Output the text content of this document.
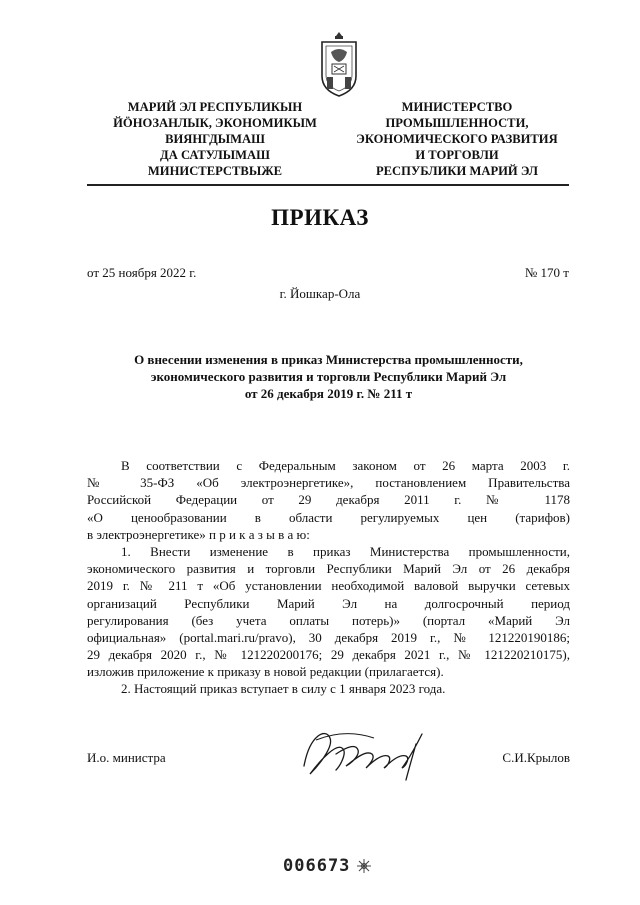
МАРИЙ ЭЛ РЕСПУБЛИКЫН
ЙӦНОЗАНЛЫК, ЭКОНОМИКЫМ
ВИЯНГДЫМАШ
ДА САТУЛЫМАШ
МИНИСТЕРСТВЫЖЕ
МИНИСТЕРСТВО
ПРОМЫШЛЕННОСТИ,
ЭКОНОМИЧЕСКОГО РАЗВИТИЯ
И ТОРГОВЛИ
РЕСПУБЛИКИ МАРИЙ ЭЛ
ПРИКАЗ
от 25 ноября 2022 г.	№ 170 т
г. Йошкар-Ола
О внесении изменения в приказ Министерства промышленности,
экономического развития и торговли Республики Марий Эл
от 26 декабря 2019 г. № 211 т
В соответствии с Федеральным законом от 26 марта 2003 г.
№ 35-ФЗ «Об электроэнергетике», постановлением Правительства
Российской Федерации от 29 декабря 2011 г. № 1178
«О ценообразовании в области регулируемых цен (тарифов)
в электроэнергетике» п р и к а з ы в а ю:
1. Внести изменение в приказ Министерства промышленности,
экономического развития и торговли Республики Марий Эл от 26 декабря
2019 г. № 211 т «Об установлении необходимой валовой выручки сетевых
организаций Республики Марий Эл на долгосрочный период
регулирования (без учета оплаты потерь)» (портал «Марий Эл
официальная» (portal.mari.ru/pravo), 30 декабря 2019 г., № 121220190186;
29 декабря 2020 г., № 121220200176; 29 декабря 2021 г., № 121220210175),
изложив приложение к приказу в новой редакции (прилагается).
2. Настоящий приказ вступает в силу с 1 января 2023 года.
И.о. министра	С.И.Крылов
006673
